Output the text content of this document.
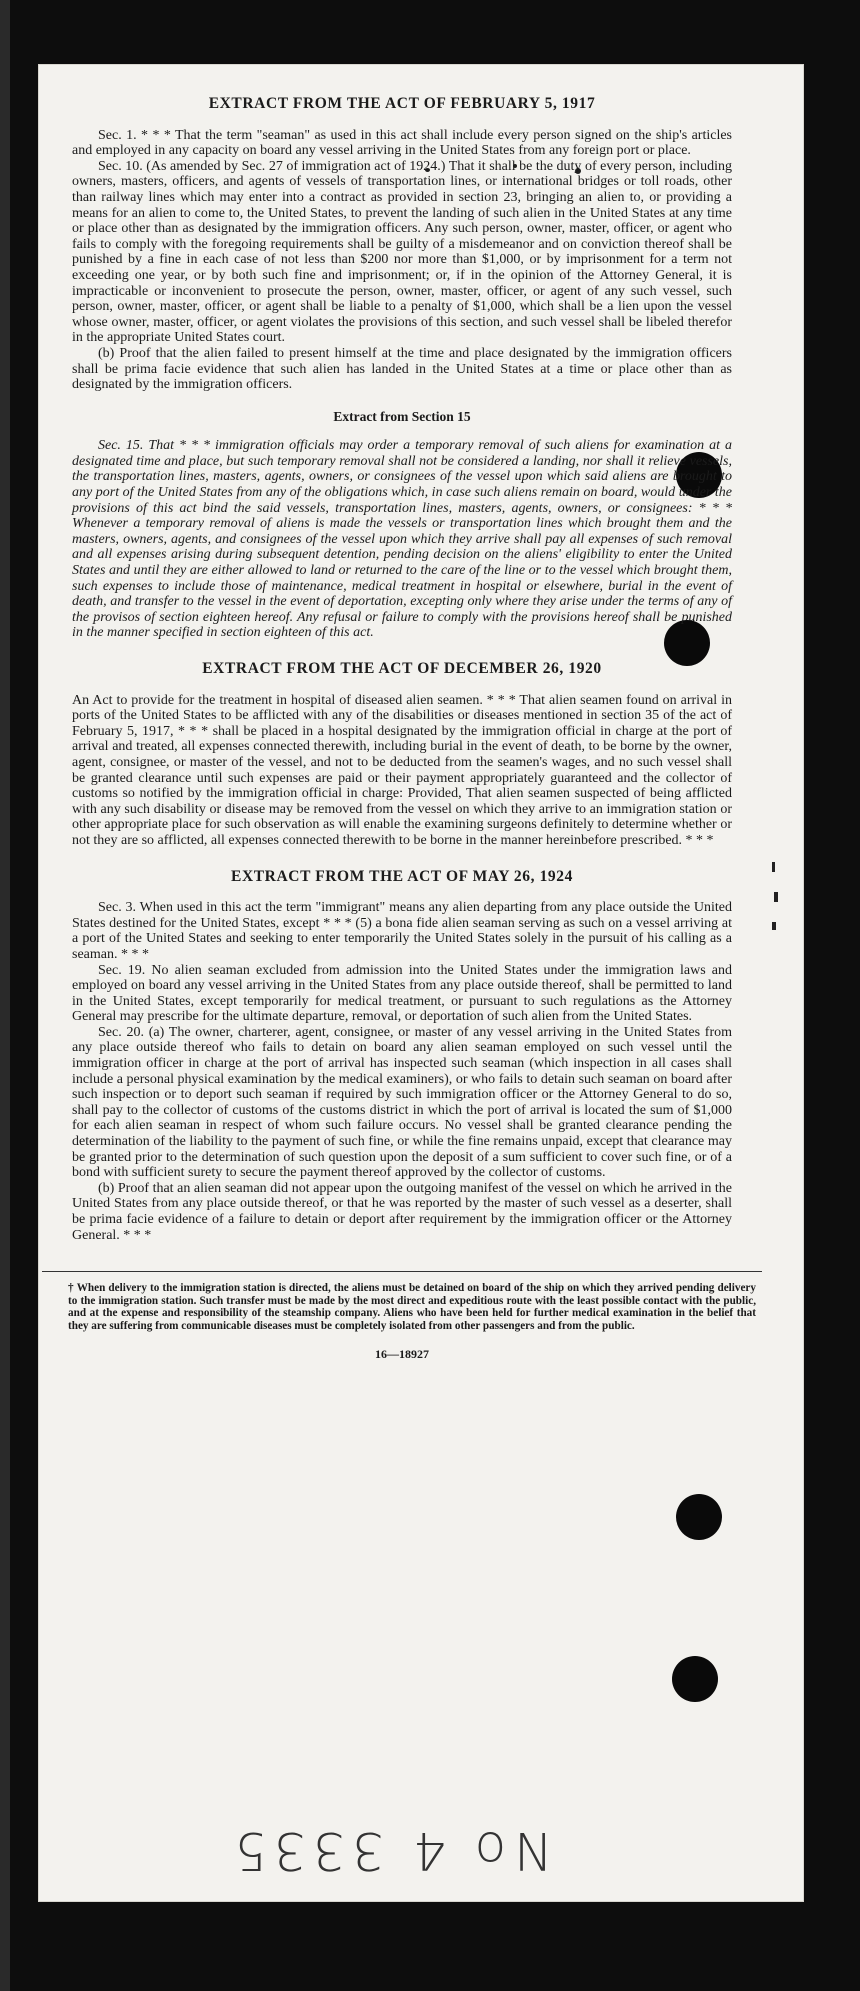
EXTRACT FROM THE ACT OF FEBRUARY 5, 1917

Sec. 1. * * * That the term "seaman" as used in this act shall include every person signed on the ship's articles and employed in any capacity on board any vessel arriving in the United States from any foreign port or place.

Sec. 10. (As amended by Sec. 27 of immigration act of 1924.) That it shall be the duty of every person, including owners, masters, officers, and agents of vessels of transportation lines, or international bridges or toll roads, other than railway lines which may enter into a contract as provided in section 23, bringing an alien to, or providing a means for an alien to come to, the United States, to prevent the landing of such alien in the United States at any time or place other than as designated by the immigration officers. Any such person, owner, master, officer, or agent who fails to comply with the foregoing requirements shall be guilty of a misdemeanor and on conviction thereof shall be punished by a fine in each case of not less than $200 nor more than $1,000, or by imprisonment for a term not exceeding one year, or by both such fine and imprisonment; or, if in the opinion of the Attorney General, it is impracticable or inconvenient to prosecute the person, owner, master, officer, or agent of any such vessel, such person, owner, master, officer, or agent shall be liable to a penalty of $1,000, which shall be a lien upon the vessel whose owner, master, officer, or agent violates the provisions of this section, and such vessel shall be libeled therefor in the appropriate United States court.

(b) Proof that the alien failed to present himself at the time and place designated by the immigration officers shall be prima facie evidence that such alien has landed in the United States at a time or place other than as designated by the immigration officers.

Extract from Section 15

Sec. 15. That * * * immigration officials may order a temporary removal of such aliens for examination at a designated time and place, but such temporary removal shall not be considered a landing, nor shall it relieve vessels, the transportation lines, masters, agents, owners, or consignees of the vessel upon which said aliens are brought to any port of the United States from any of the obligations which, in case such aliens remain on board, would under the provisions of this act bind the said vessels, transportation lines, masters, agents, owners, or consignees: * * * Whenever a temporary removal of aliens is made the vessels or transportation lines which brought them and the masters, owners, agents, and consignees of the vessel upon which they arrive shall pay all expenses of such removal and all expenses arising during subsequent detention, pending decision on the aliens' eligibility to enter the United States and until they are either allowed to land or returned to the care of the line or to the vessel which brought them, such expenses to include those of maintenance, medical treatment in hospital or elsewhere, burial in the event of death, and transfer to the vessel in the event of deportation, excepting only where they arise under the terms of any of the provisos of section eighteen hereof. Any refusal or failure to comply with the provisions hereof shall be punished in the manner specified in section eighteen of this act.

EXTRACT FROM THE ACT OF DECEMBER 26, 1920

An Act to provide for the treatment in hospital of diseased alien seamen. * * * That alien seamen found on arrival in ports of the United States to be afflicted with any of the disabilities or diseases mentioned in section 35 of the act of February 5, 1917, * * * shall be placed in a hospital designated by the immigration official in charge at the port of arrival and treated, all expenses connected therewith, including burial in the event of death, to be borne by the owner, agent, consignee, or master of the vessel, and not to be deducted from the seamen's wages, and no such vessel shall be granted clearance until such expenses are paid or their payment appropriately guaranteed and the collector of customs so notified by the immigration official in charge: Provided, That alien seamen suspected of being afflicted with any such disability or disease may be removed from the vessel on which they arrive to an immigration station or other appropriate place for such observation as will enable the examining surgeons definitely to determine whether or not they are so afflicted, all expenses connected therewith to be borne in the manner hereinbefore prescribed. * * *

EXTRACT FROM THE ACT OF MAY 26, 1924

Sec. 3. When used in this act the term "immigrant" means any alien departing from any place outside the United States destined for the United States, except * * * (5) a bona fide alien seaman serving as such on a vessel arriving at a port of the United States and seeking to enter temporarily the United States solely in the pursuit of his calling as a seaman. * * *

Sec. 19. No alien seaman excluded from admission into the United States under the immigration laws and employed on board any vessel arriving in the United States from any place outside thereof, shall be permitted to land in the United States, except temporarily for medical treatment, or pursuant to such regulations as the Attorney General may prescribe for the ultimate departure, removal, or deportation of such alien from the United States.

Sec. 20. (a) The owner, charterer, agent, consignee, or master of any vessel arriving in the United States from any place outside thereof who fails to detain on board any alien seaman employed on such vessel until the immigration officer in charge at the port of arrival has inspected such seaman (which inspection in all cases shall include a personal physical examination by the medical examiners), or who fails to detain such seaman on board after such inspection or to deport such seaman if required by such immigration officer or the Attorney General to do so, shall pay to the collector of customs of the customs district in which the port of arrival is located the sum of $1,000 for each alien seaman in respect of whom such failure occurs. No vessel shall be granted clearance pending the determination of the liability to the payment of such fine, or while the fine remains unpaid, except that clearance may be granted prior to the determination of such question upon the deposit of a sum sufficient to cover such fine, or of a bond with sufficient surety to secure the payment thereof approved by the collector of customs.

(b) Proof that an alien seaman did not appear upon the outgoing manifest of the vessel on which he arrived in the United States from any place outside thereof, or that he was reported by the master of such vessel as a deserter, shall be prima facie evidence of a failure to detain or deport after requirement by the immigration officer or the Attorney General. * * *

† When delivery to the immigration station is directed, the aliens must be detained on board of the ship on which they arrived pending delivery to the immigration station. Such transfer must be made by the most direct and expeditious route with the least possible contact with the public, and at the expense and responsibility of the steamship company. Aliens who have been held for further medical examination in the belief that they are suffering from communicable diseases must be completely isolated from other passengers and from the public.

16—18927
No 4 3335
